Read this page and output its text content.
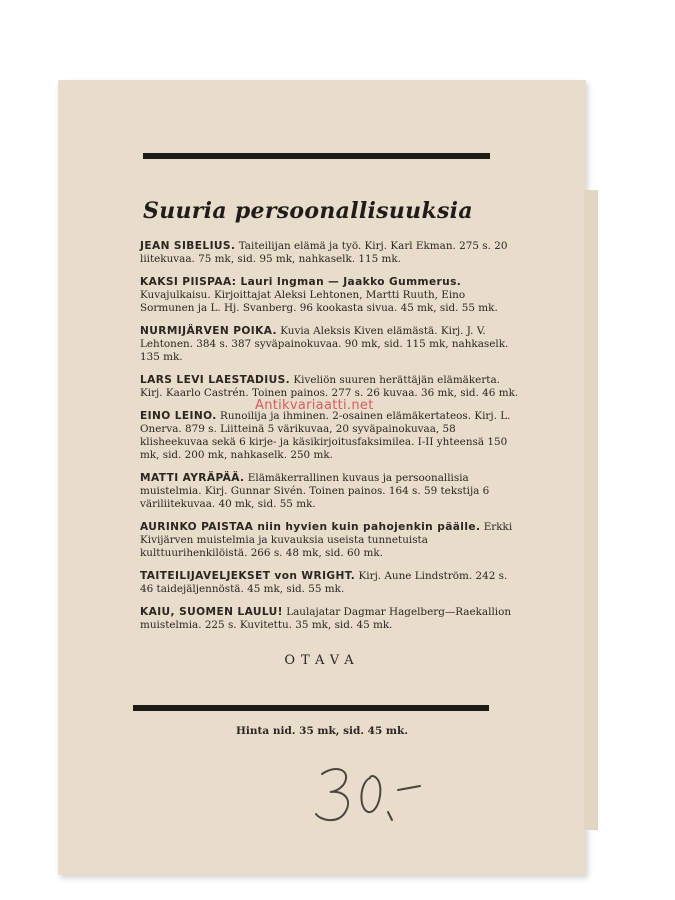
Suuria persoonallisuuksia
JEAN SIBELIUS. Taiteilijan elämä ja työ. Kirj. Karl Ekman. 275 s. 20 liitekuvaa. 75 mk, sid. 95 mk, nahkaselk. 115 mk.
KAKSI PIISPAA: Lauri Ingman — Jaakko Gummerus. Kuvajulkaisu. Kirjoittajat Aleksi Lehtonen, Martti Ruuth, Eino Sormunen ja L. Hj. Svanberg. 96 kookasta sivua. 45 mk, sid. 55 mk.
NURMIJÄRVEN POIKA. Kuvia Aleksis Kiven elämästä. Kirj. J. V. Lehtonen. 384 s. 387 syväpainokuvaa. 90 mk, sid. 115 mk, nahkaselk. 135 mk.
LARS LEVI LAESTADIUS. Kiveliön suuren herättäjän elämäkerta. Kirj. Kaarlo Castrén. Toinen painos. 277 s. 26 kuvaa. 36 mk, sid. 46 mk.
EINO LEINO. Runoilija ja ihminen. 2-osainen elämäkertateos. Kirj. L. Onerva. 879 s. Liitteinä 5 värikuvaa, 20 syväpainokuvaa, 58 klisheekuvaa sekä 6 kirje- ja käsikirjoitusfaksimilea. I-II yhteensä 150 mk, sid. 200 mk, nahkaselk. 250 mk.
MATTI AYRÄPÄÄ. Elämäkerrallinen kuvaus ja persoonallisia muistelmia. Kirj. Gunnar Sivén. Toinen painos. 164 s. 59 tekstija 6 väriliitekuvaa. 40 mk, sid. 55 mk.
AURINKO PAISTAA niin hyvien kuin pahojenkin päälle. Erkki Kivijärven muistelmia ja kuvauksia useista tunnetuista kulttuurihenkilöistä. 266 s. 48 mk, sid. 60 mk.
TAITEILIJAVELJEKSET von WRIGHT. Kirj. Aune Lindström. 242 s. 46 taidejäljennöstä. 45 mk, sid. 55 mk.
KAIU, SUOMEN LAULU! Laulajatar Dagmar Hagelberg—Raekallion muistelmia. 225 s. Kuvitettu. 35 mk, sid. 45 mk.
OTAVA
Hinta nid. 35 mk, sid. 45 mk.
Antikvariaatti.net
